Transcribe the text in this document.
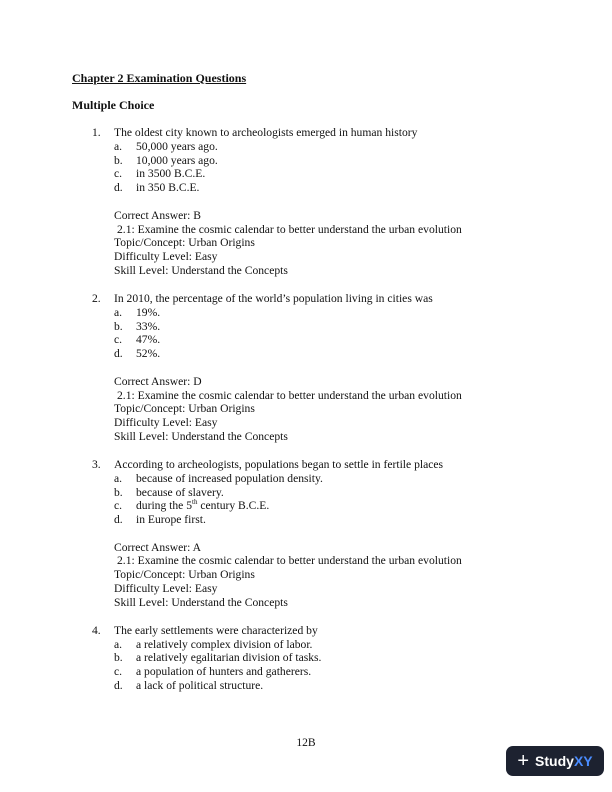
Chapter 2 Examination Questions
Multiple Choice
1.	The oldest city known to archeologists emerged in human history
a.	50,000 years ago.
b.	10,000 years ago.
c.	in 3500 B.C.E.
d.	in 350 B.C.E.
Correct Answer: B
2.1: Examine the cosmic calendar to better understand the urban evolution
Topic/Concept: Urban Origins
Difficulty Level: Easy
Skill Level: Understand the Concepts
2.	In 2010, the percentage of the world’s population living in cities was
a.	19%.
b.	33%.
c.	47%.
d.	52%.
Correct Answer: D
2.1: Examine the cosmic calendar to better understand the urban evolution
Topic/Concept: Urban Origins
Difficulty Level: Easy
Skill Level: Understand the Concepts
3.	According to archeologists, populations began to settle in fertile places
a.	because of increased population density.
b.	because of slavery.
c.	during the 5th century B.C.E.
d.	in Europe first.
Correct Answer: A
2.1: Examine the cosmic calendar to better understand the urban evolution
Topic/Concept: Urban Origins
Difficulty Level: Easy
Skill Level: Understand the Concepts
4.	The early settlements were characterized by
a.	a relatively complex division of labor.
b.	a relatively egalitarian division of tasks.
c.	a population of hunters and gatherers.
d.	a lack of political structure.
12B
+ Study XY
